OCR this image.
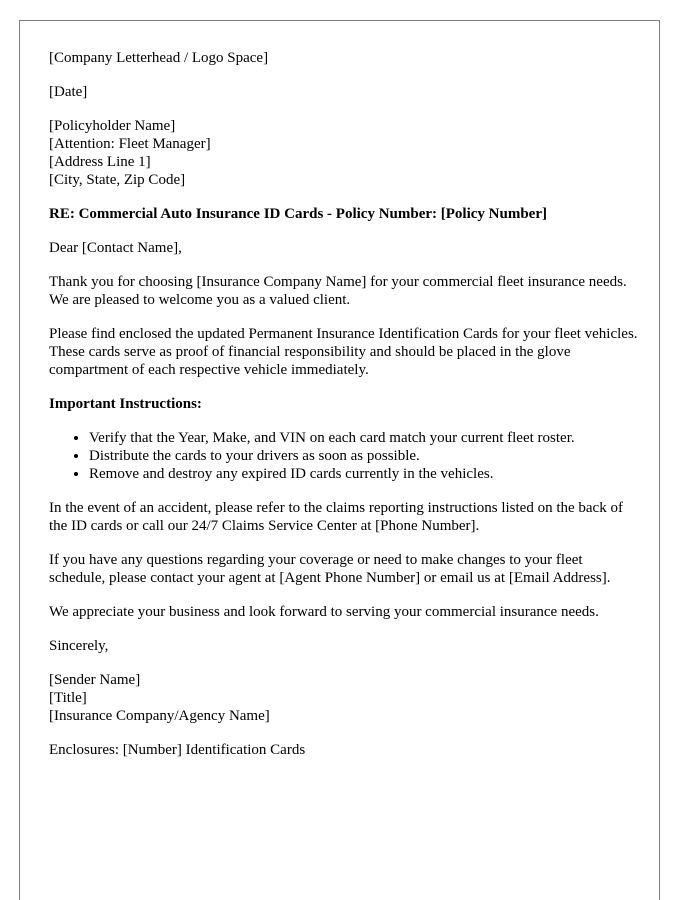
[Company Letterhead / Logo Space]

[Date]

[Policyholder Name]
[Attention: Fleet Manager]
[Address Line 1]
[City, State, Zip Code]

RE: Commercial Auto Insurance ID Cards - Policy Number: [Policy Number]

Dear [Contact Name],

Thank you for choosing [Insurance Company Name] for your commercial fleet insurance needs. We are pleased to welcome you as a valued client.

Please find enclosed the updated Permanent Insurance Identification Cards for your fleet vehicles. These cards serve as proof of financial responsibility and should be placed in the glove compartment of each respective vehicle immediately.

Important Instructions:

• Verify that the Year, Make, and VIN on each card match your current fleet roster.
• Distribute the cards to your drivers as soon as possible.
• Remove and destroy any expired ID cards currently in the vehicles.

In the event of an accident, please refer to the claims reporting instructions listed on the back of the ID cards or call our 24/7 Claims Service Center at [Phone Number].

If you have any questions regarding your coverage or need to make changes to your fleet schedule, please contact your agent at [Agent Phone Number] or email us at [Email Address].

We appreciate your business and look forward to serving your commercial insurance needs.

Sincerely,

[Sender Name]
[Title]
[Insurance Company/Agency Name]

Enclosures: [Number] Identification Cards
